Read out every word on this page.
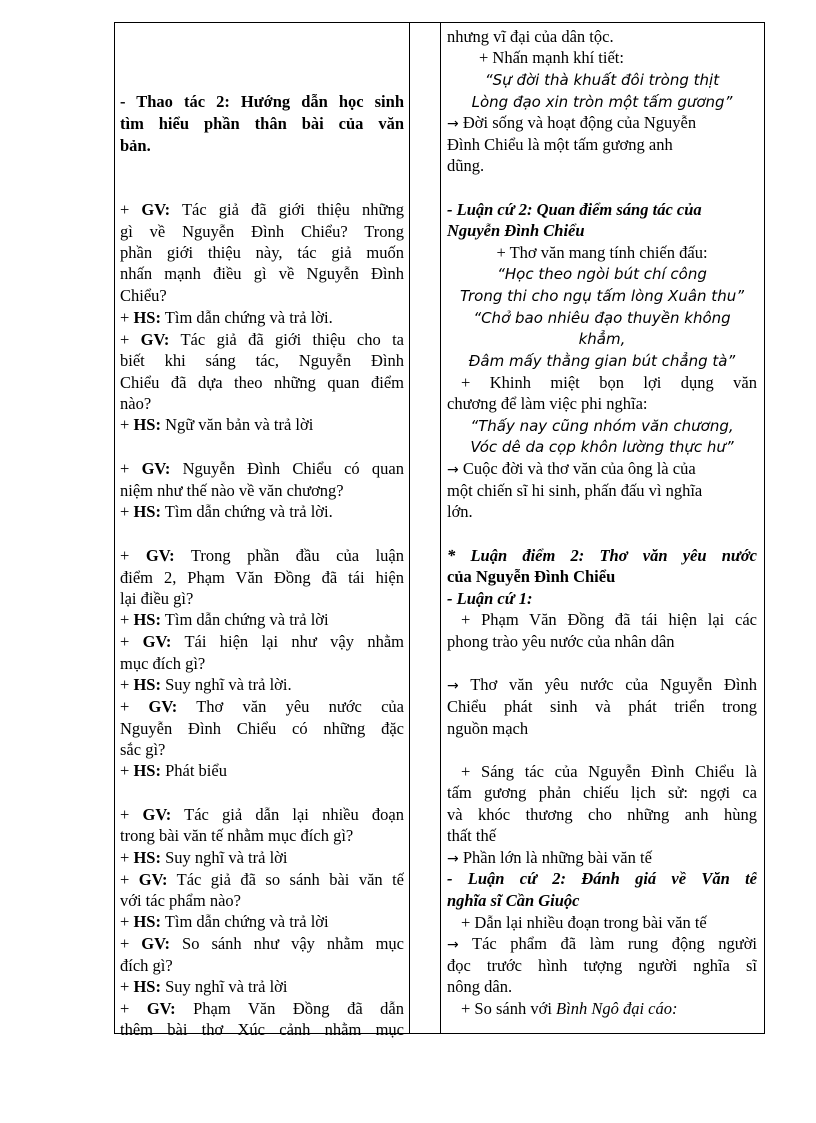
- Thao tác 2: Hướng dẫn học sinh
tìm hiểu phần thân bài của văn
bản.
+ GV: Tác giả đã giới thiệu những
gì về Nguyễn Đình Chiểu? Trong
phần giới thiệu này, tác giả muốn
nhấn mạnh điều gì về Nguyễn Đình
Chiểu?
+ HS: Tìm dẫn chứng và trả lời.
+ GV: Tác giả đã giới thiệu cho ta
biết khi sáng tác, Nguyễn Đình
Chiểu đã dựa theo những quan điểm
nào?
+ HS: Ngữ văn bản và trả lời
+ GV: Nguyễn Đình Chiểu có quan
niệm như thế nào về văn chương?
+ HS: Tìm dẫn chứng và trả lời.
+ GV: Trong phần đầu của luận
điểm 2, Phạm Văn Đồng đã tái hiện
lại điều gì?
+ HS: Tìm dẫn chứng và trả lời
+ GV: Tái hiện lại như vậy nhằm
mục đích gì?
+ HS: Suy nghĩ và trả lời.
+ GV: Thơ văn yêu nước của
Nguyễn Đình Chiểu có những đặc
sắc gì?
+ HS: Phát biểu
+ GV: Tác giả dẫn lại nhiều đoạn
trong bài văn tế nhằm mục đích gì?
+ HS: Suy nghĩ và trả lời
+ GV: Tác giả đã so sánh bài văn tế
với tác phẩm nào?
+ HS: Tìm dẫn chứng và trả lời
+ GV: So sánh như vậy nhằm mục
đích gì?
+ HS: Suy nghĩ và trả lời
+ GV: Phạm Văn Đồng đã dẫn
thêm bài thơ Xúc cảnh nhằm mục

nhưng vĩ đại của dân tộc.
+ Nhấn mạnh khí tiết:
“Sự đời thà khuất đôi tròng thịt
Lòng đạo xin tròn một tấm gương”
→ Đời sống và hoạt động của Nguyễn
Đình Chiểu là một tấm gương anh
dũng.
- Luận cứ 2: Quan điểm sáng tác của
Nguyễn Đình Chiểu
+ Thơ văn mang tính chiến đấu:
“Học theo ngòi bút chí công
Trong thi cho ngụ tấm lòng Xuân thu”
“Chở bao nhiêu đạo thuyền không
khẳm,
Đâm mấy thằng gian bút chẳng tà”
+ Khinh miệt bọn lợi dụng văn
chương để làm việc phi nghĩa:
“Thấy nay cũng nhóm văn chương,
Vóc dê da cọp khôn lường thực hư”
→ Cuộc đời và thơ văn của ông là của
một chiến sĩ hi sinh, phấn đấu vì nghĩa
lớn.
* Luận điểm 2: Thơ văn yêu nước
của Nguyễn Đình Chiểu
- Luận cứ 1:
+ Phạm Văn Đồng đã tái hiện lại các
phong trào yêu nước của nhân dân
→ Thơ văn yêu nước của Nguyễn Đình
Chiểu phát sinh và phát triển trong
nguồn mạch
+ Sáng tác của Nguyễn Đình Chiểu là
tấm gương phản chiếu lịch sử: ngợi ca
và khóc thương cho những anh hùng
thất thế
→ Phần lớn là những bài văn tế
- Luận cứ 2: Đánh giá về Văn tế
nghĩa sĩ Cần Giuộc
+ Dẫn lại nhiều đoạn trong bài văn tế
→ Tác phẩm đã làm rung động người
đọc trước hình tượng người nghĩa sĩ
nông dân.
+ So sánh với Bình Ngô đại cáo:
